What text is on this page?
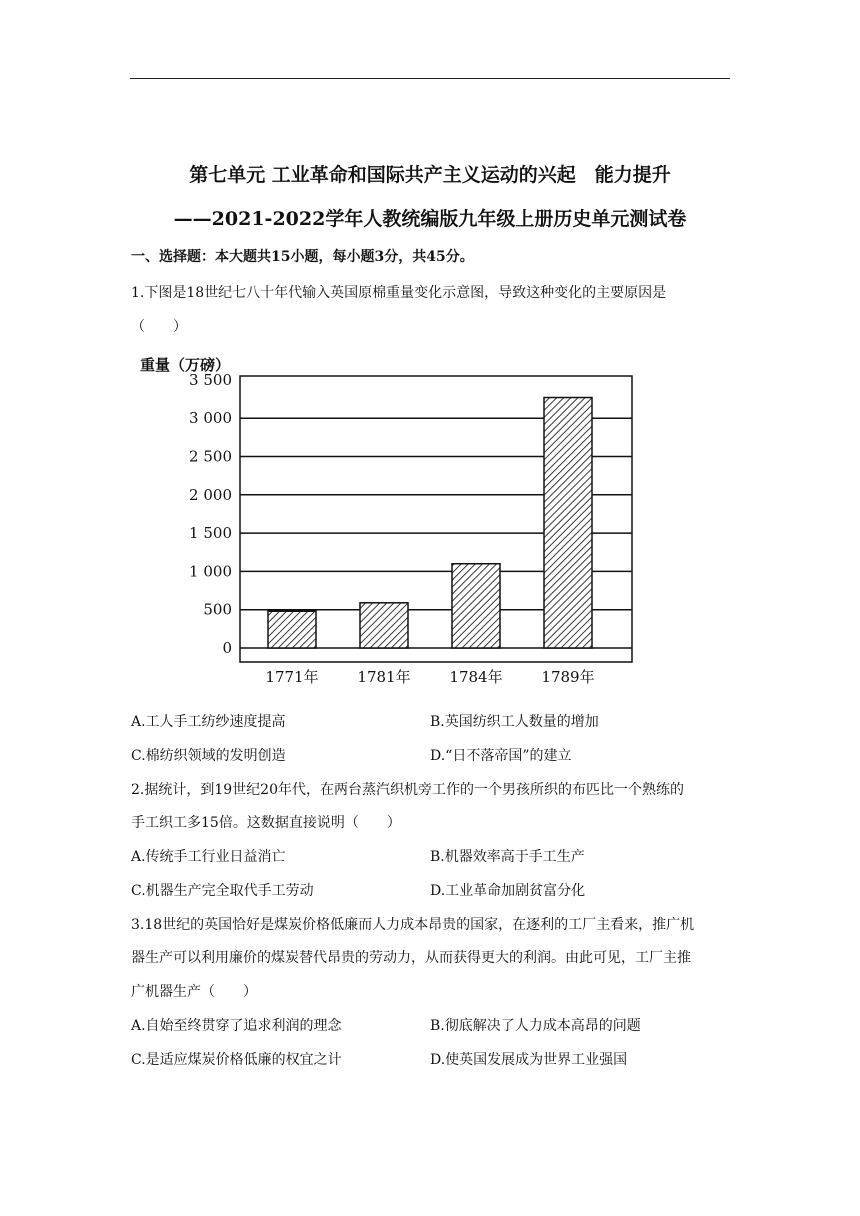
第七单元 工业革命和国际共产主义运动的兴起　能力提升
——2021-2022学年人教统编版九年级上册历史单元测试卷
一、选择题：本大题共15小题，每小题3分，共45分。
1.下图是18世纪七八十年代输入英国原棉重量变化示意图，导致这种变化的主要原因是
（　　）
重量（万磅）
3 500
3 000
2 500
2 000
1 500
1 000
500
0
1771年	1781年	1784年	1789年
A.工人手工纺纱速度提高	B.英国纺织工人数量的增加
C.棉纺织领域的发明创造	D.“日不落帝国”的建立
2.据统计，到19世纪20年代，在两台蒸汽织机旁工作的一个男孩所织的布匹比一个熟练的
手工织工多15倍。这数据直接说明（　　）
A.传统手工行业日益消亡	B.机器效率高于手工生产
C.机器生产完全取代手工劳动	D.工业革命加剧贫富分化
3.18世纪的英国恰好是煤炭价格低廉而人力成本昂贵的国家，在逐利的工厂主看来，推广机
器生产可以利用廉价的煤炭替代昂贵的劳动力，从而获得更大的利润。由此可见，工厂主推
广机器生产（　　）
A.自始至终贯穿了追求利润的理念	B.彻底解决了人力成本高昂的问题
C.是适应煤炭价格低廉的权宜之计	D.使英国发展成为世界工业强国
